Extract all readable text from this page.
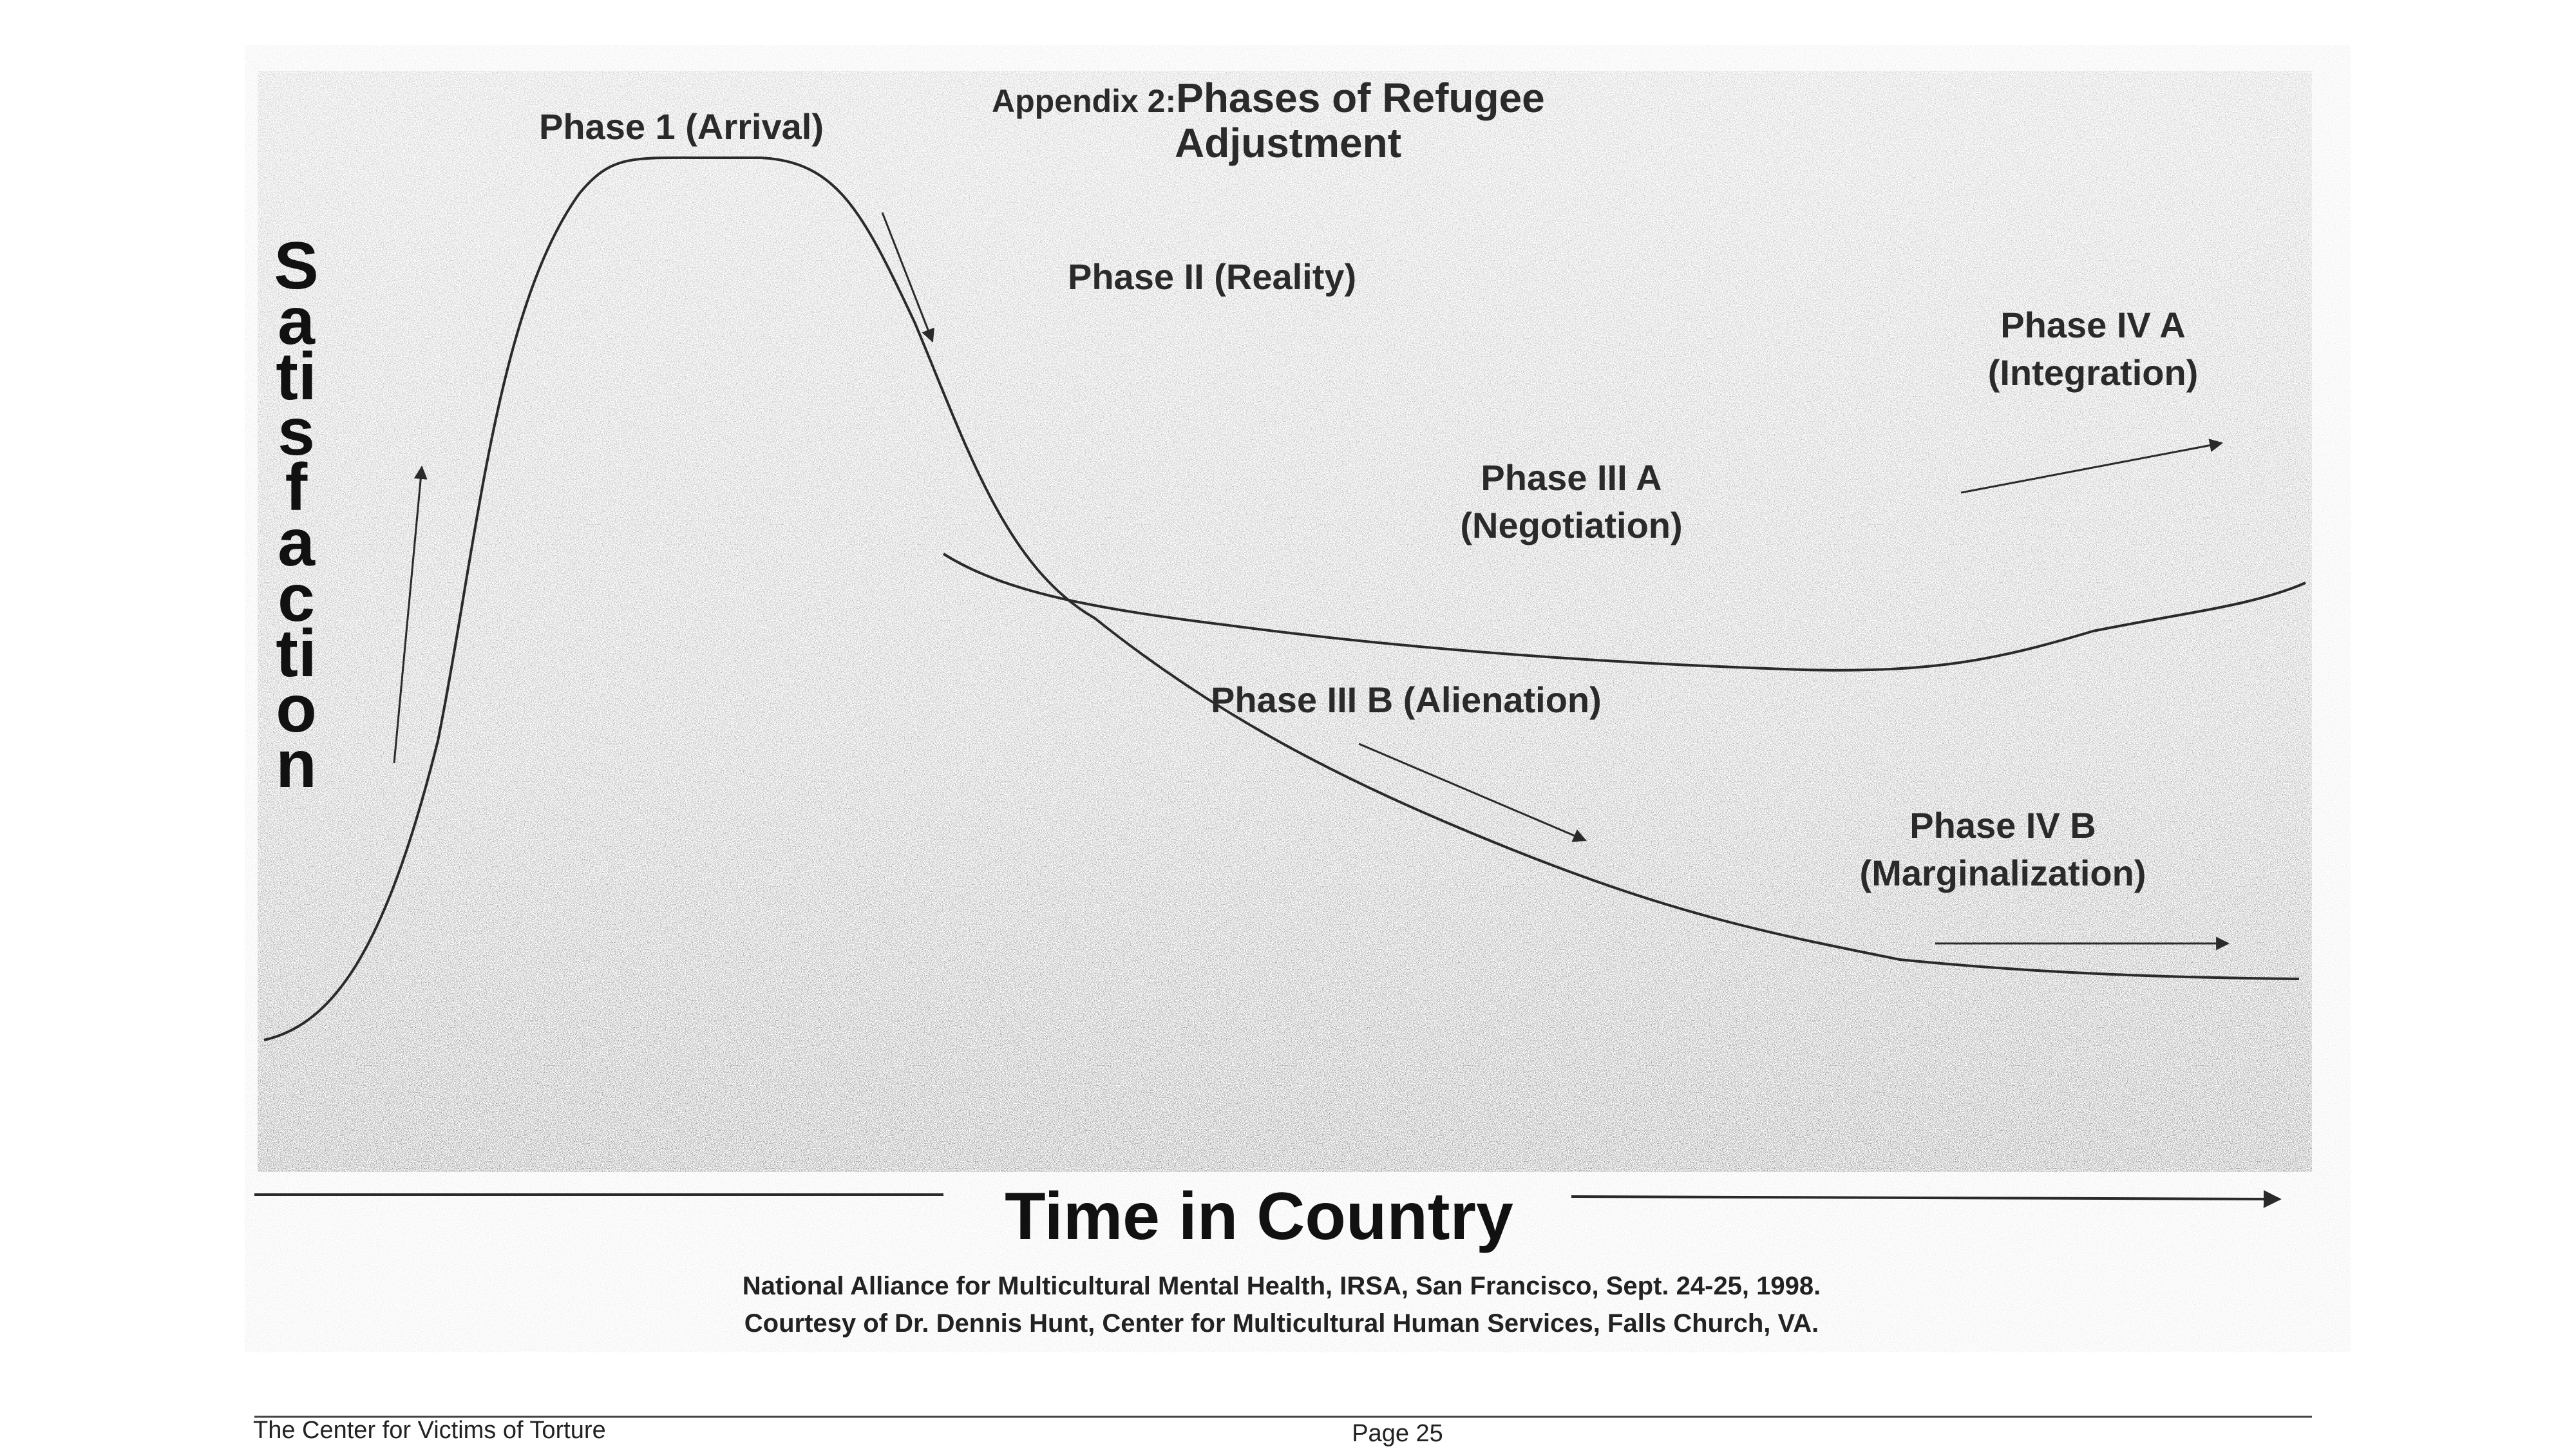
Appendix 2:Phases of Refugee
Adjustment
Phase 1 (Arrival)
Phase II (Reality)
Phase III A
(Negotiation)
Phase III B (Alienation)
Phase IV A
(Integration)
Phase IV B
(Marginalization)
Satisfaction
Time in Country
National Alliance for Multicultural Mental Health, IRSA, San Francisco, Sept. 24-25, 1998.
Courtesy of Dr. Dennis Hunt, Center for Multicultural Human Services, Falls Church, VA.
The Center for Victims of Torture	Page 25
